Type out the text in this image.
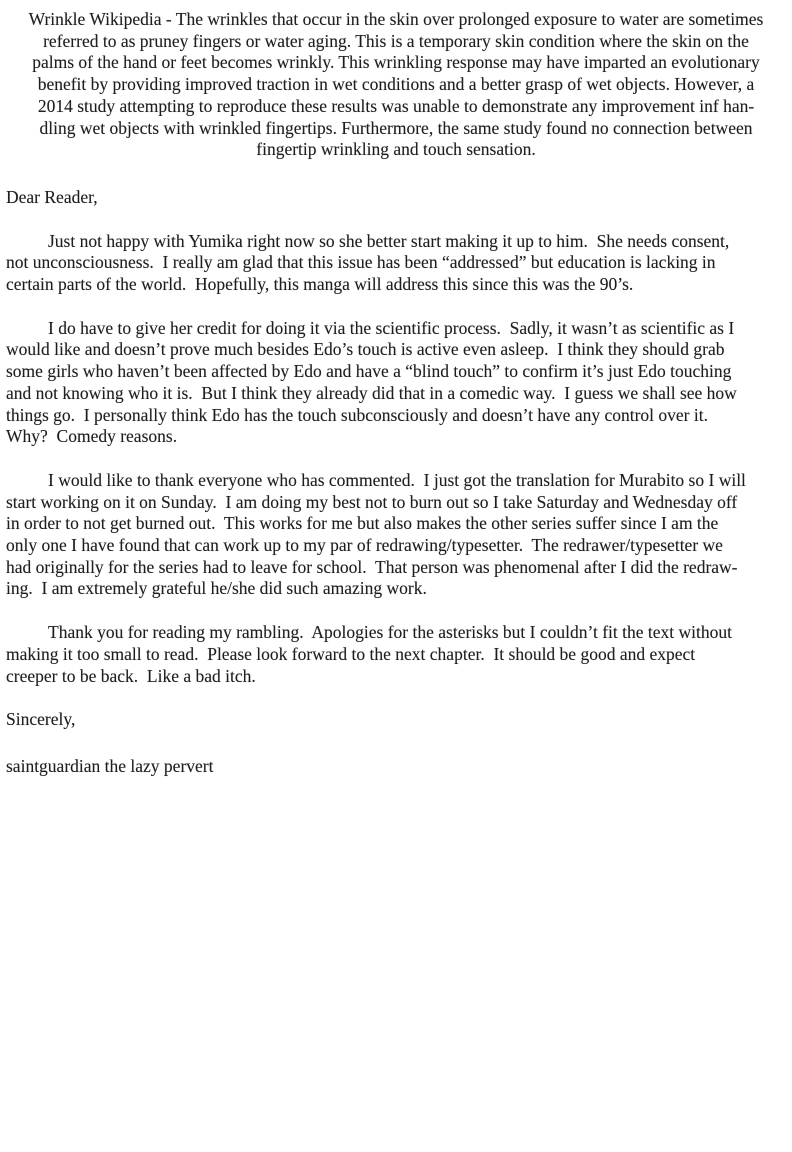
Wrinkle Wikipedia - The wrinkles that occur in the skin over prolonged exposure to water are sometimes
referred to as pruney fingers or water aging. This is a temporary skin condition where the skin on the
palms of the hand or feet becomes wrinkly. This wrinkling response may have imparted an evolutionary
benefit by providing improved traction in wet conditions and a better grasp of wet objects. However, a
2014 study attempting to reproduce these results was unable to demonstrate any improvement inf han-
dling wet objects with wrinkled fingertips. Furthermore, the same study found no connection between
fingertip wrinkling and touch sensation.
Dear Reader,
Just not happy with Yumika right now so she better start making it up to him.  She needs consent,
not unconsciousness.  I really am glad that this issue has been “addressed” but education is lacking in
certain parts of the world.  Hopefully, this manga will address this since this was the 90’s.
I do have to give her credit for doing it via the scientific process.  Sadly, it wasn’t as scientific as I
would like and doesn’t prove much besides Edo’s touch is active even asleep.  I think they should grab
some girls who haven’t been affected by Edo and have a “blind touch” to confirm it’s just Edo touching
and not knowing who it is.  But I think they already did that in a comedic way.  I guess we shall see how
things go.  I personally think Edo has the touch subconsciously and doesn’t have any control over it.
Why?  Comedy reasons.
I would like to thank everyone who has commented.  I just got the translation for Murabito so I will
start working on it on Sunday.  I am doing my best not to burn out so I take Saturday and Wednesday off
in order to not get burned out.  This works for me but also makes the other series suffer since I am the
only one I have found that can work up to my par of redrawing/typesetter.  The redrawer/typesetter we
had originally for the series had to leave for school.  That person was phenomenal after I did the redraw-
ing.  I am extremely grateful he/she did such amazing work.
Thank you for reading my rambling.  Apologies for the asterisks but I couldn’t fit the text without
making it too small to read.  Please look forward to the next chapter.  It should be good and expect
creeper to be back.  Like a bad itch.
Sincerely,
saintguardian the lazy pervert
